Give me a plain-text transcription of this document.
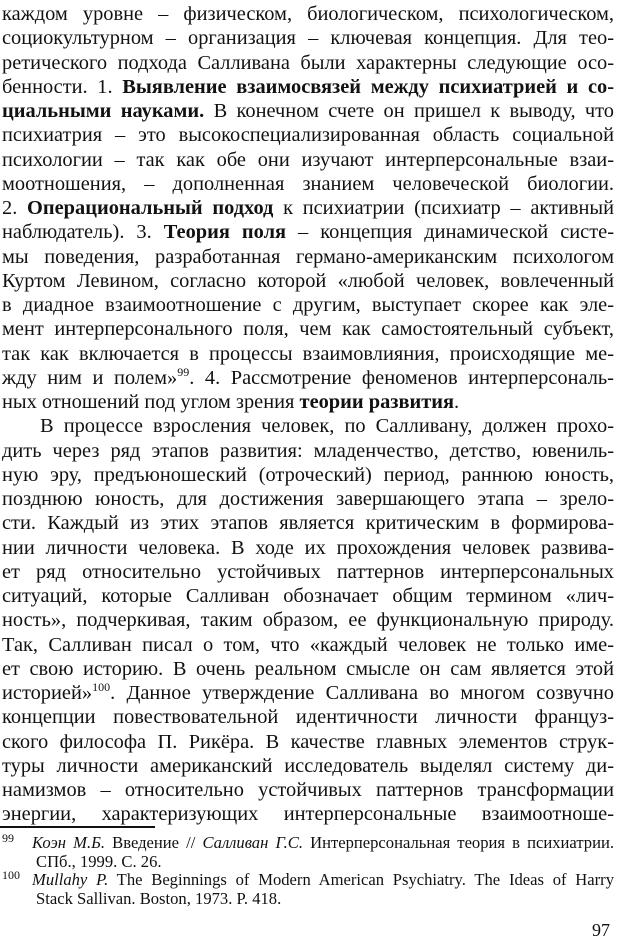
каждом уровне – физическом, биологическом, психологическом,
социокультурном – организация – ключевая концепция. Для тео-
ретического подхода Салливана были характерны следующие осо-
бенности. 1. Выявление взаимосвязей между психиатрией и со-
циальными науками. В конечном счете он пришел к выводу, что
психиатрия – это высокоспециализированная область социальной
психологии – так как обе они изучают интерперсональные взаи-
моотношения, – дополненная знанием человеческой биологии.
2. Операциональный подход к психиатрии (психиатр – активный
наблюдатель). 3. Теория поля – концепция динамической систе-
мы поведения, разработанная германо-американским психологом
Куртом Левином, согласно которой «любой человек, вовлеченный
в диадное взаимоотношение с другим, выступает скорее как эле-
мент интерперсонального поля, чем как самостоятельный субъект,
так как включается в процессы взаимовлияния, происходящие ме-
жду ним и полем»$^{99}$. 4. Рассмотрение феноменов интерперсональ-
ных отношений под углом зрения теории развития.
В процессе взросления человек, по Салливану, должен прохо-
дить через ряд этапов развития: младенчество, детство, ювениль-
ную эру, предъюношеский (отроческий) период, раннюю юность,
позднюю юность, для достижения завершающего этапа – зрело-
сти. Каждый из этих этапов является критическим в формирова-
нии личности человека. В ходе их прохождения человек развива-
ет ряд относительно устойчивых паттернов интерперсональных
ситуаций, которые Салливан обозначает общим термином «лич-
ность», подчеркивая, таким образом, ее функциональную природу.
Так, Салливан писал о том, что «каждый человек не только име-
ет свою историю. В очень реальном смысле он сам является этой
историей»$^{100}$. Данное утверждение Салливана во многом созвучно
концепции повествовательной идентичности личности француз-
ского философа П. Рикёра. В качестве главных элементов струк-
туры личности американский исследователь выделял систему ди-
намизмов – относительно устойчивых паттернов трансформации
энергии, характеризующих интерперсональные взаимоотноше-
99 Коэн М.Б. Введение // Салливан Г.С. Интерперсональная теория в психиатрии.
СПб., 1999. С. 26.
100 Mullahy P. The Beginnings of Modern American Psychiatry. The Ideas of Harry
Stack Sallivan. Boston, 1973. P. 418.
97
